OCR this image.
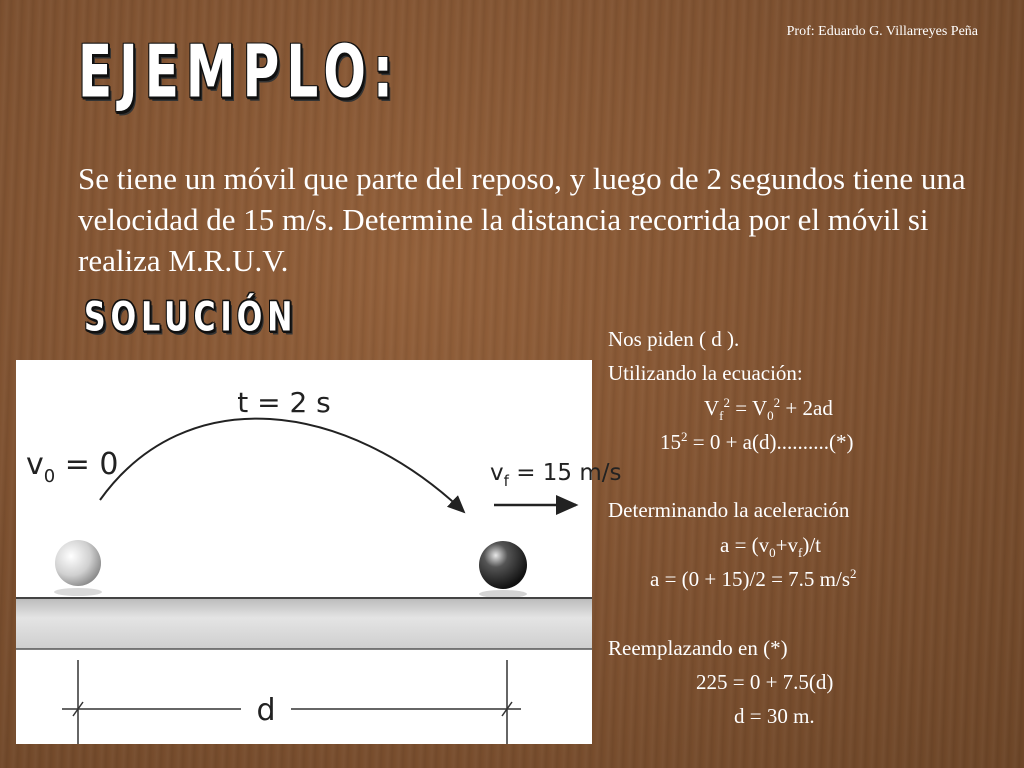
Prof: Eduardo G. Villarreyes Peña
EJEMPLO:

Se tiene un móvil que parte del reposo, y luego de 2 segundos tiene una velocidad de 15 m/s. Determine la distancia recorrida por el móvil si realiza M.R.U.V.

SOLUCIÓN
t = 2 s
$v_0 = 0$	$v_f = 15$ m/s
d
Nos piden ( d ).
Utilizando la ecuación:
$V_f^2 = V_0^2 + 2ad$
$15^2 = 0 + a(d)..........(*)$
Determinando la aceleración
$a = (v_0+v_f)/t$
a = (0 + 15)/2 = 7.5 $m/s^2$
Reemplazando en (*)
225 = 0 + 7.5(d)
d = 30 m.
